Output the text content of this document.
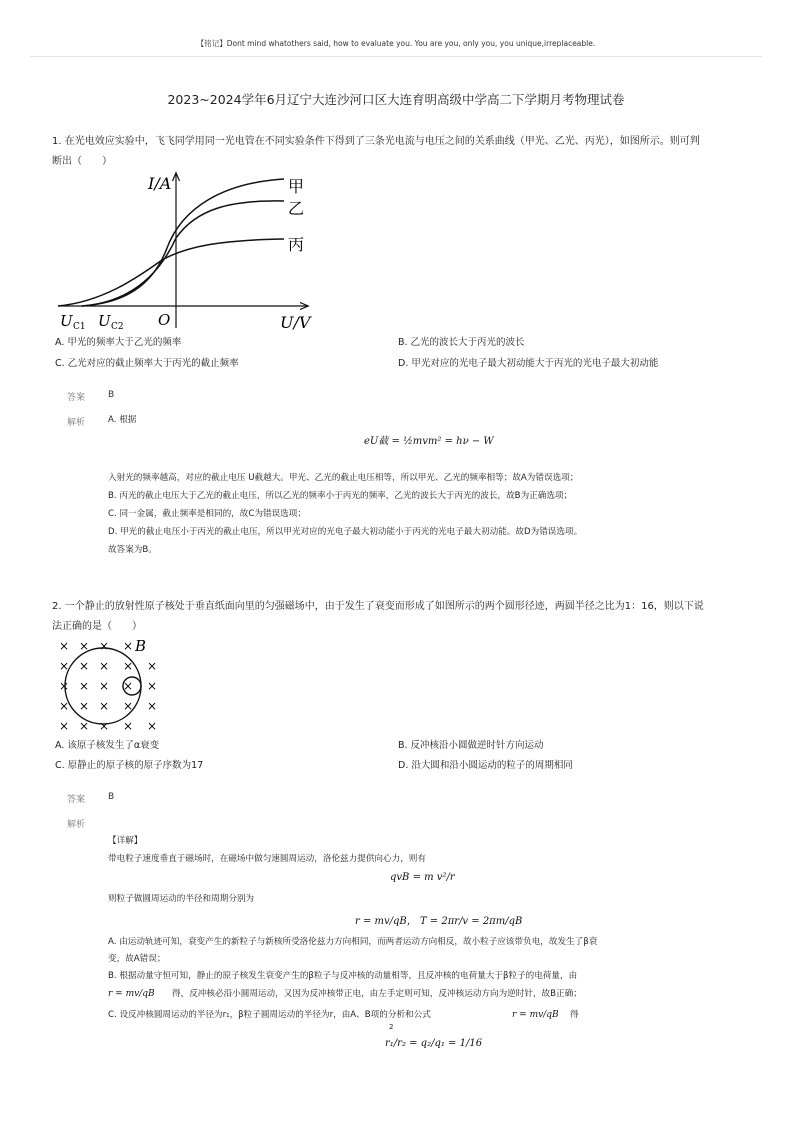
【铭记】Dont mind whatothers said, how to evaluate you. You are you, only you, you unique,irreplaceable.
2023~2024学年6月辽宁大连沙河口区大连育明高级中学高二下学期月考物理试卷
1. 在光电效应实验中，飞飞同学用同一光电管在不同实验条件下得到了三条光电流与电压之间的关系曲线（甲光、乙光、丙光），如图所示。则可判
断出（　　）
I/A
U/V
O
U C1 U C2
甲
乙
丙
A. 甲光的频率大于乙光的频率	B. 乙光的波长大于丙光的波长
C. 乙光对应的截止频率大于丙光的截止频率	D. 甲光对应的光电子最大初动能大于丙光的光电子最大初动能
答案	B
解析	A. 根据
eU截 = ½mvm² = hν − W
入射光的频率越高，对应的截止电压 U截越大。甲光、乙光的截止电压相等，所以甲光、乙光的频率相等；故A为错误选项；
B. 丙光的截止电压大于乙光的截止电压，所以乙光的频率小于丙光的频率，乙光的波长大于丙光的波长，故B为正确选项；
C. 同一金属，截止频率是相同的，故C为错误选项；
D. 甲光的截止电压小于丙光的截止电压，所以甲光对应的光电子最大初动能小于丙光的光电子最大初动能。故D为错误选项。
故答案为B。
2. 一个静止的放射性原子核处于垂直纸面向里的匀强磁场中，由于发生了衰变而形成了如图所示的两个圆形径迹，两圆半径之比为1：16，则以下说
法正确的是（　　）
× × × ×
× × × × ×
× × × × ×
× × × × ×
× × × × ×
B
A. 该原子核发生了α衰变	B. 反冲核沿小圆做逆时针方向运动
C. 原静止的原子核的原子序数为17	D. 沿大圆和沿小圆运动的粒子的周期相同
答案	B
解析
【详解】
带电粒子速度垂直于磁场时，在磁场中做匀速圆周运动，洛伦兹力提供向心力，则有
qvB = m v²/r
则粒子做圆周运动的半径和周期分别为
r = mv/qB， T = 2πr/v = 2πm/qB
A. 由运动轨迹可知，衰变产生的新粒子与新核所受洛伦兹力方向相同，而两者运动方向相反，故小粒子应该带负电，故发生了β衰
变，故A错误；
B. 根据动量守恒可知，静止的原子核发生衰变产生的β粒子与反冲核的动量相等，且反冲核的电荷量大于β粒子的电荷量，由
r = mv/qB 得，反冲核必沿小圆周运动，又因为反冲核带正电，由左手定则可知，反冲核运动方向为逆时针，故B正确；
C. 设反冲核圆周运动的半径为r₁，β粒子圆周运动的半径为r，由A、B项的分析和公式	r = mv/qB 得
2
r₁/r₂ = q₂/q₁ = 1/16
